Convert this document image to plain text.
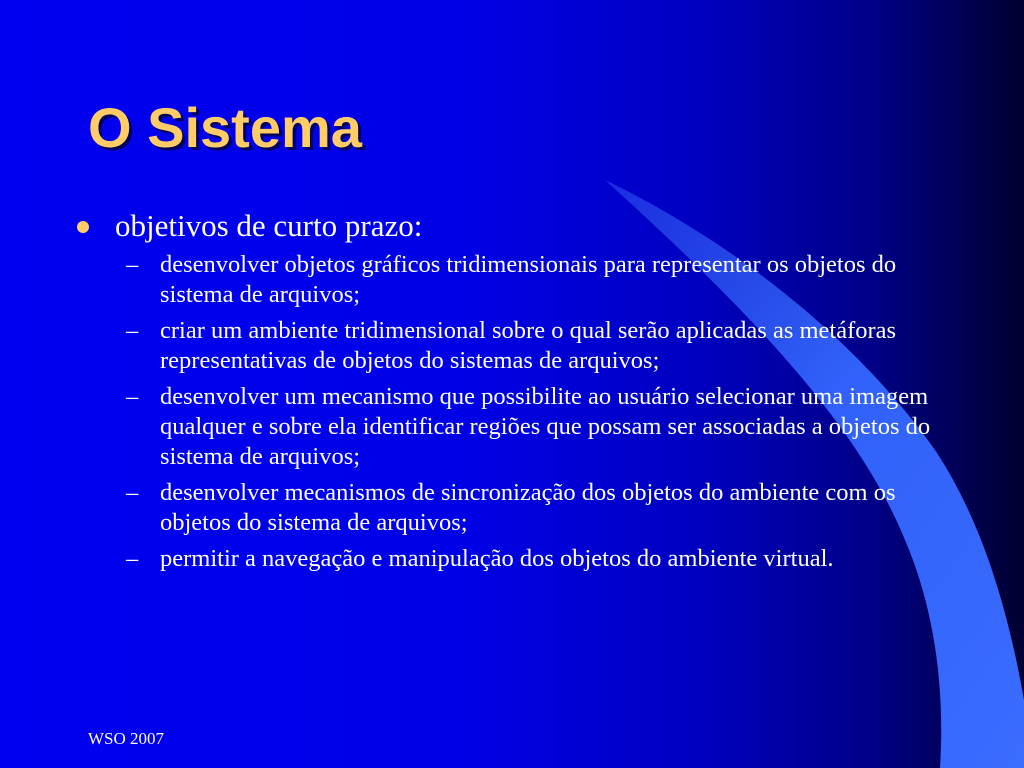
O Sistema
objetivos de curto prazo:
– desenvolver objetos gráficos tridimensionais para representar os objetos do sistema de arquivos;
– criar um ambiente tridimensional sobre o qual serão aplicadas as metáforas representativas de objetos do sistemas de arquivos;
– desenvolver um mecanismo que possibilite ao usuário selecionar uma imagem qualquer e sobre ela identificar regiões que possam ser associadas a objetos do sistema de arquivos;
– desenvolver mecanismos de sincronização dos objetos do ambiente com os objetos do sistema de arquivos;
– permitir a navegação e manipulação dos objetos do ambiente virtual.
WSO 2007
